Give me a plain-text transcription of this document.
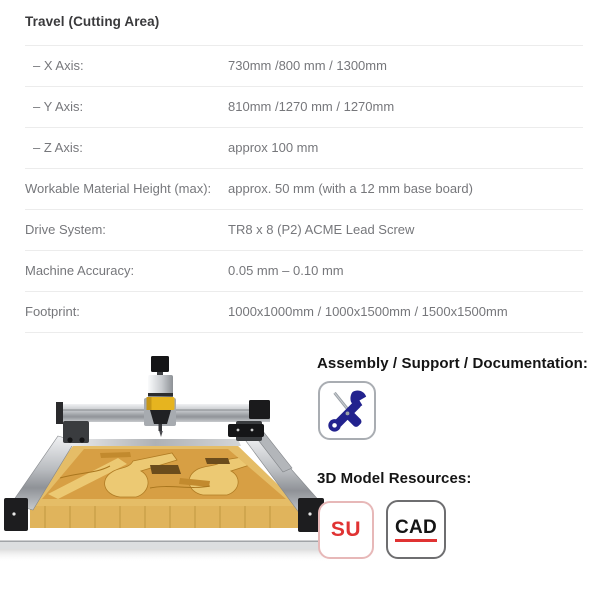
Travel (Cutting Area)
– X Axis:	730mm /800 mm / 1300mm
– Y Axis:	810mm /1270 mm / 1270mm
– Z Axis:	approx 100 mm
Workable Material Height (max):	approx. 50 mm (with a 12 mm base board)
Drive System:	TR8 x 8 (P2) ACME Lead Screw
Machine Accuracy:	0.05 mm – 0.10 mm
Footprint:	1000x1000mm / 1000x1500mm / 1500x1500mm
Assembly / Support / Documentation:
3D Model Resources:
SU CAD
